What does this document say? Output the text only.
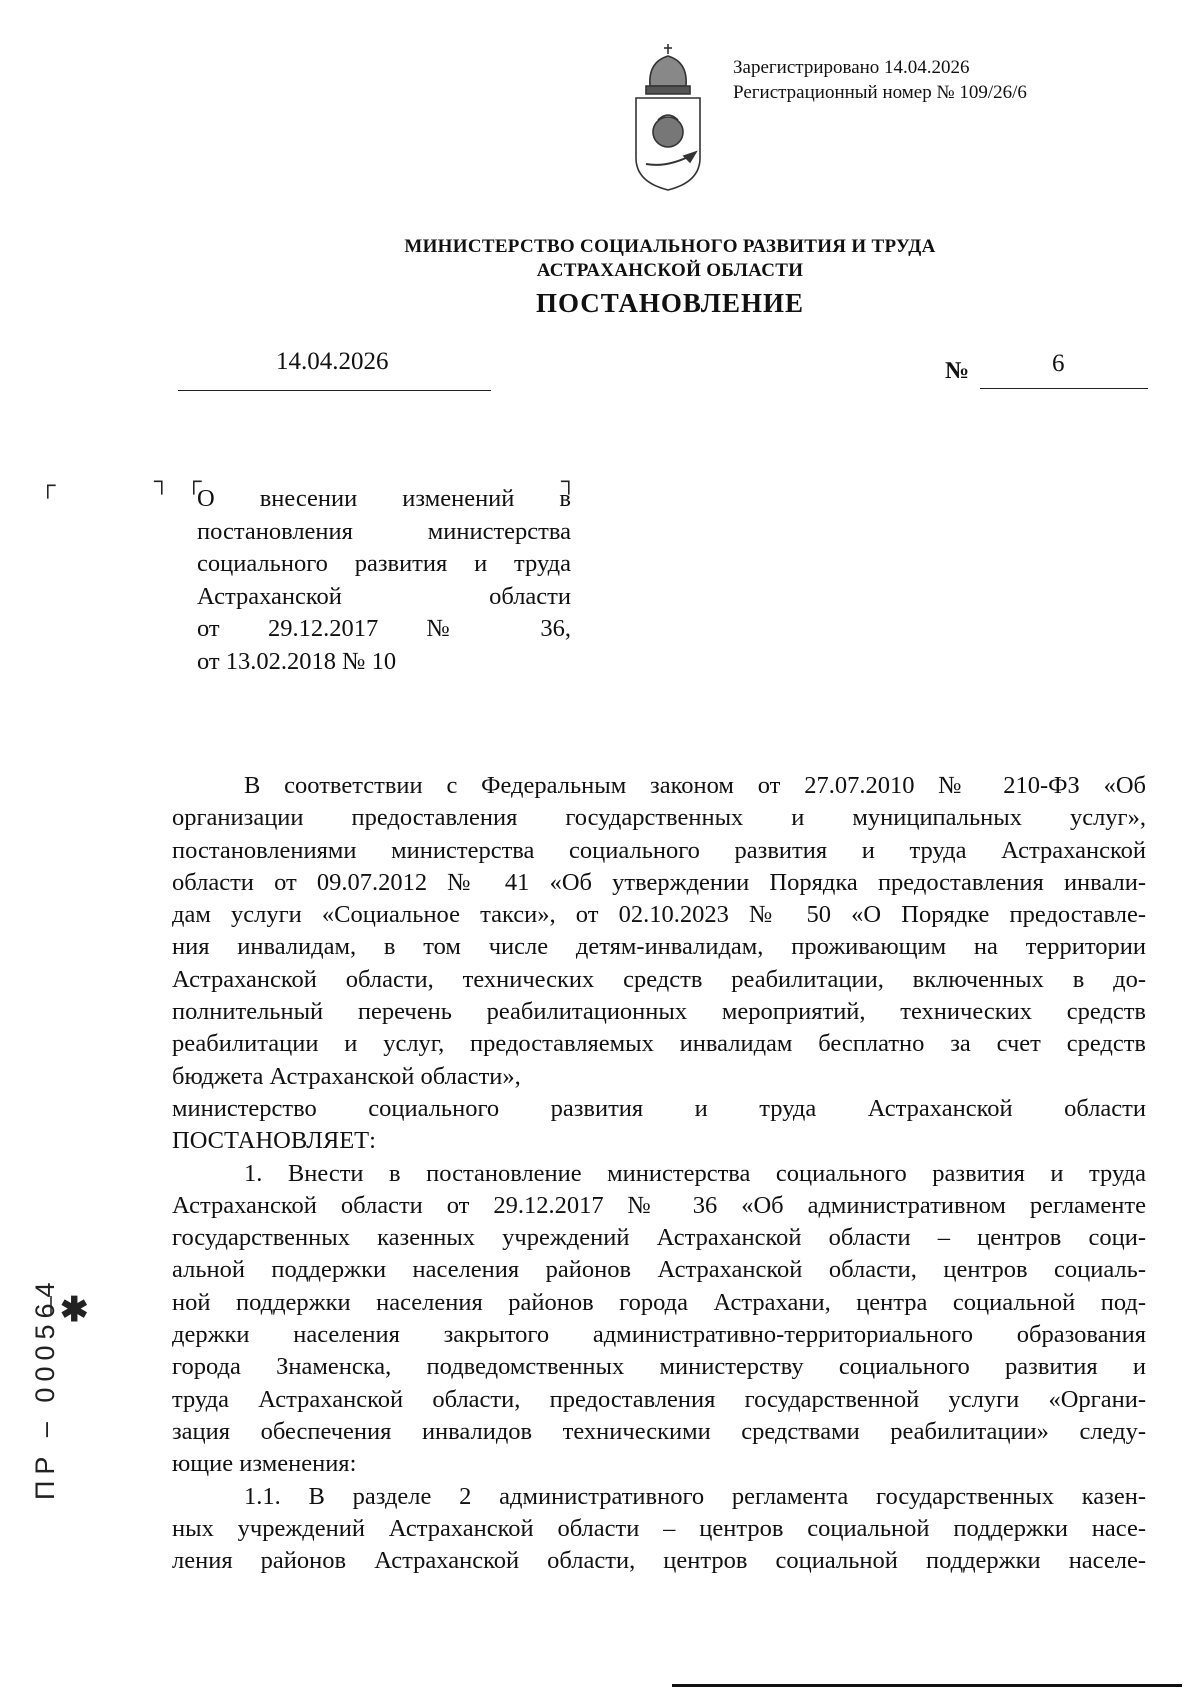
Зарегистрировано 14.04.2026
Регистрационный номер № 109/26/6
МИНИСТЕРСТВО СОЦИАЛЬНОГО РАЗВИТИЯ И ТРУДА
АСТРАХАНСКОЙ ОБЛАСТИ
ПОСТАНОВЛЕНИЕ
14.04.2026	№	6
┌	┐ ┌	┐
О внесении изменений в
постановления министерства
социального развития и труда
Астраханской области
от 29.12.2017 № 36,
от 13.02.2018 № 10
В соответствии с Федеральным законом от 27.07.2010 № 210-ФЗ «Об
организации предоставления государственных и муниципальных услуг»,
постановлениями министерства социального развития и труда Астраханской
области от 09.07.2012 № 41 «Об утверждении Порядка предоставления инвали-
дам услуги «Социальное такси», от 02.10.2023 № 50 «О Порядке предоставле-
ния инвалидам, в том числе детям-инвалидам, проживающим на территории
Астраханской области, технических средств реабилитации, включенных в до-
полнительный перечень реабилитационных мероприятий, технических средств
реабилитации и услуг, предоставляемых инвалидам бесплатно за счет средств
бюджета Астраханской области»,
министерство социального развития и труда Астраханской области
ПОСТАНОВЛЯЕТ:
1. Внести в постановление министерства социального развития и труда
Астраханской области от 29.12.2017 № 36 «Об административном регламенте
государственных казенных учреждений Астраханской области – центров соци-
альной поддержки населения районов Астраханской области, центров социаль-
ной поддержки населения районов города Астрахани, центра социальной под-
держки населения закрытого административно-территориального образования
города Знаменска, подведомственных министерству социального развития и
труда Астраханской области, предоставления государственной услуги «Органи-
зация обеспечения инвалидов техническими средствами реабилитации» следу-
ющие изменения:
1.1. В разделе 2 административного регламента государственных казен-
ных учреждений Астраханской области – центров социальной поддержки насе-
ления районов Астраханской области, центров социальной поддержки населе-
✱
ПР – 000564
